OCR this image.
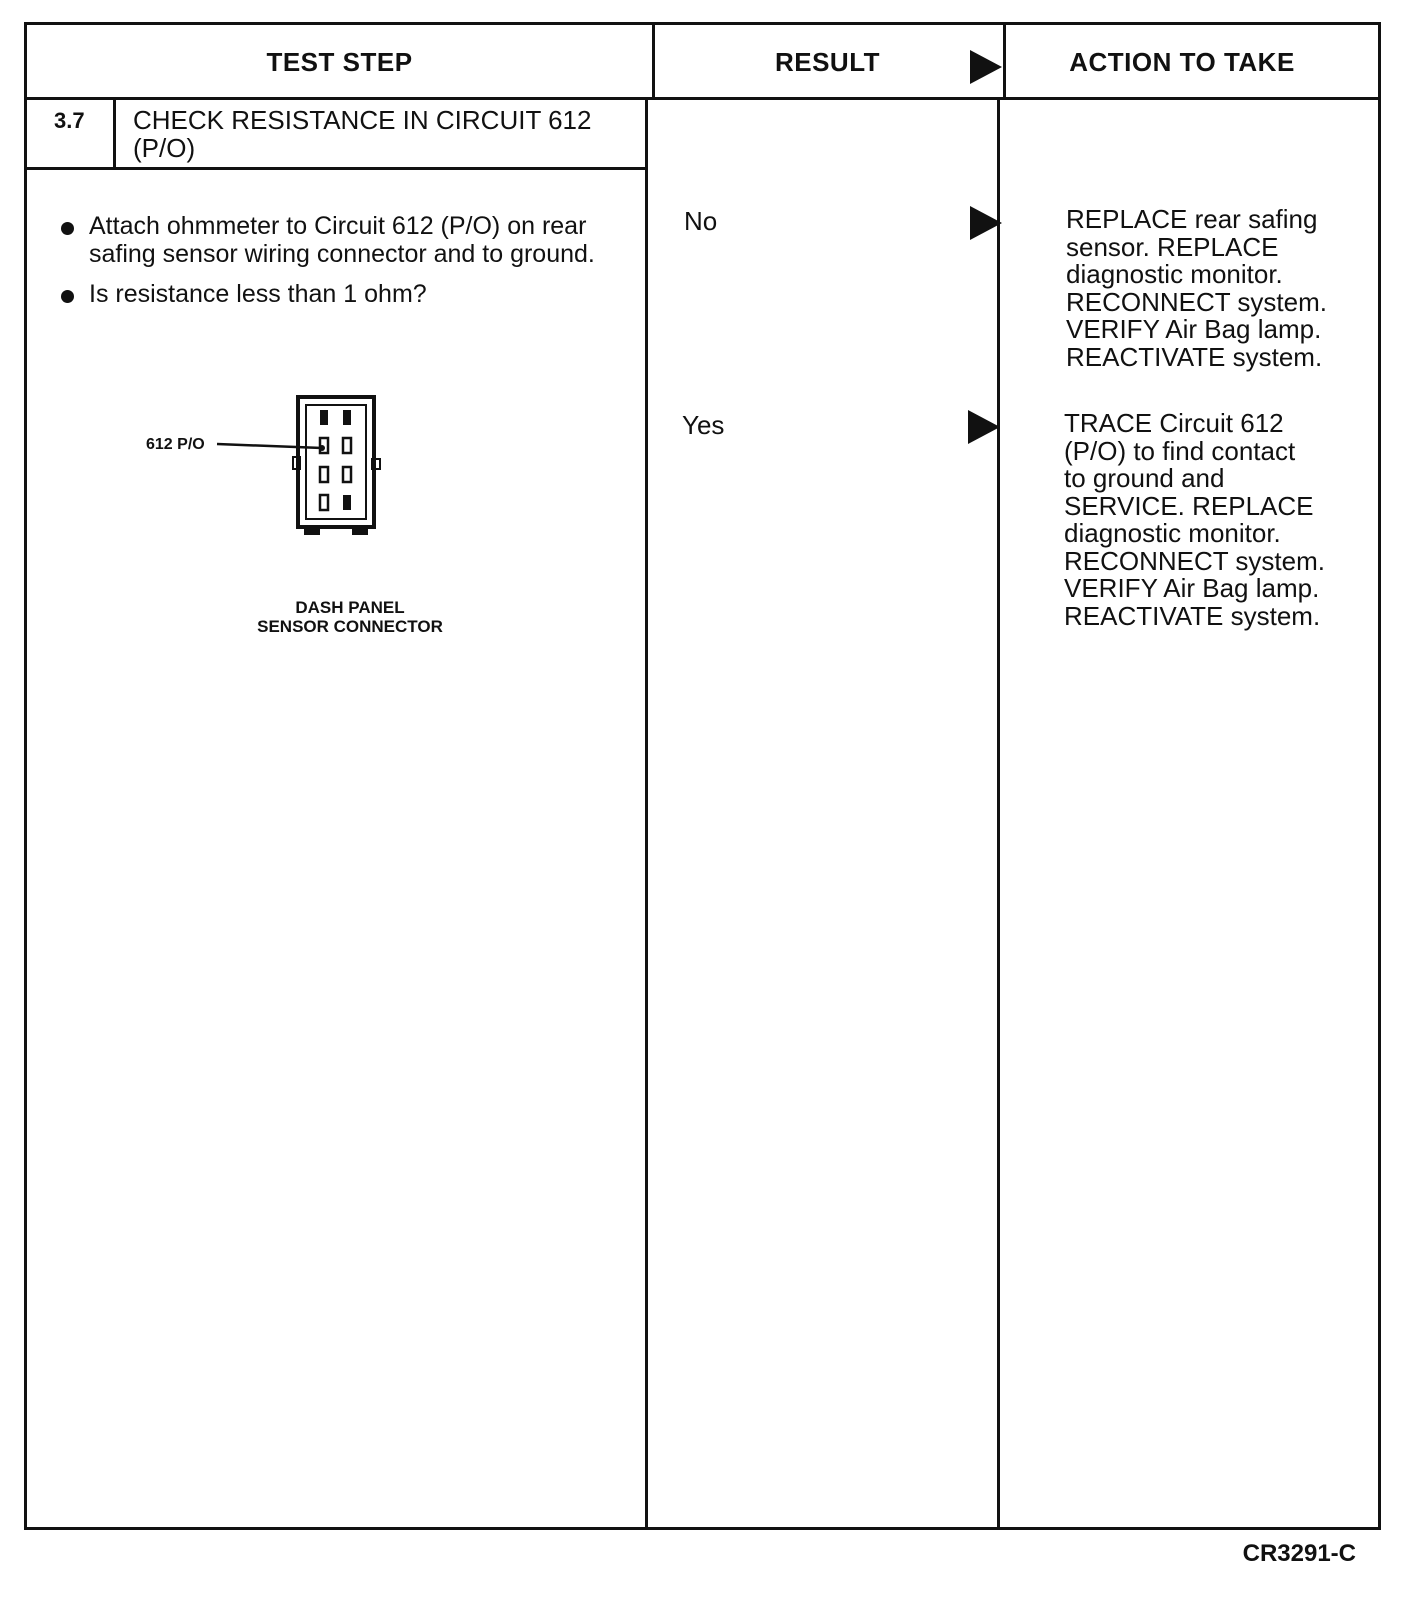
TEST STEP	RESULT	ACTION TO TAKE
3.7 CHECK RESISTANCE IN CIRCUIT 612 (P/O)
Attach ohmmeter to Circuit 612 (P/O) on rear safing sensor wiring connector and to ground.
Is resistance less than 1 ohm?
612 P/O
DASH PANEL
SENSOR CONNECTOR
No	REPLACE rear safing
sensor. REPLACE
diagnostic monitor.
RECONNECT system.
VERIFY Air Bag lamp.
REACTIVATE system.
Yes	TRACE Circuit 612
(P/O) to find contact
to ground and
SERVICE. REPLACE
diagnostic monitor.
RECONNECT system.
VERIFY Air Bag lamp.
REACTIVATE system.
CR3291-C
